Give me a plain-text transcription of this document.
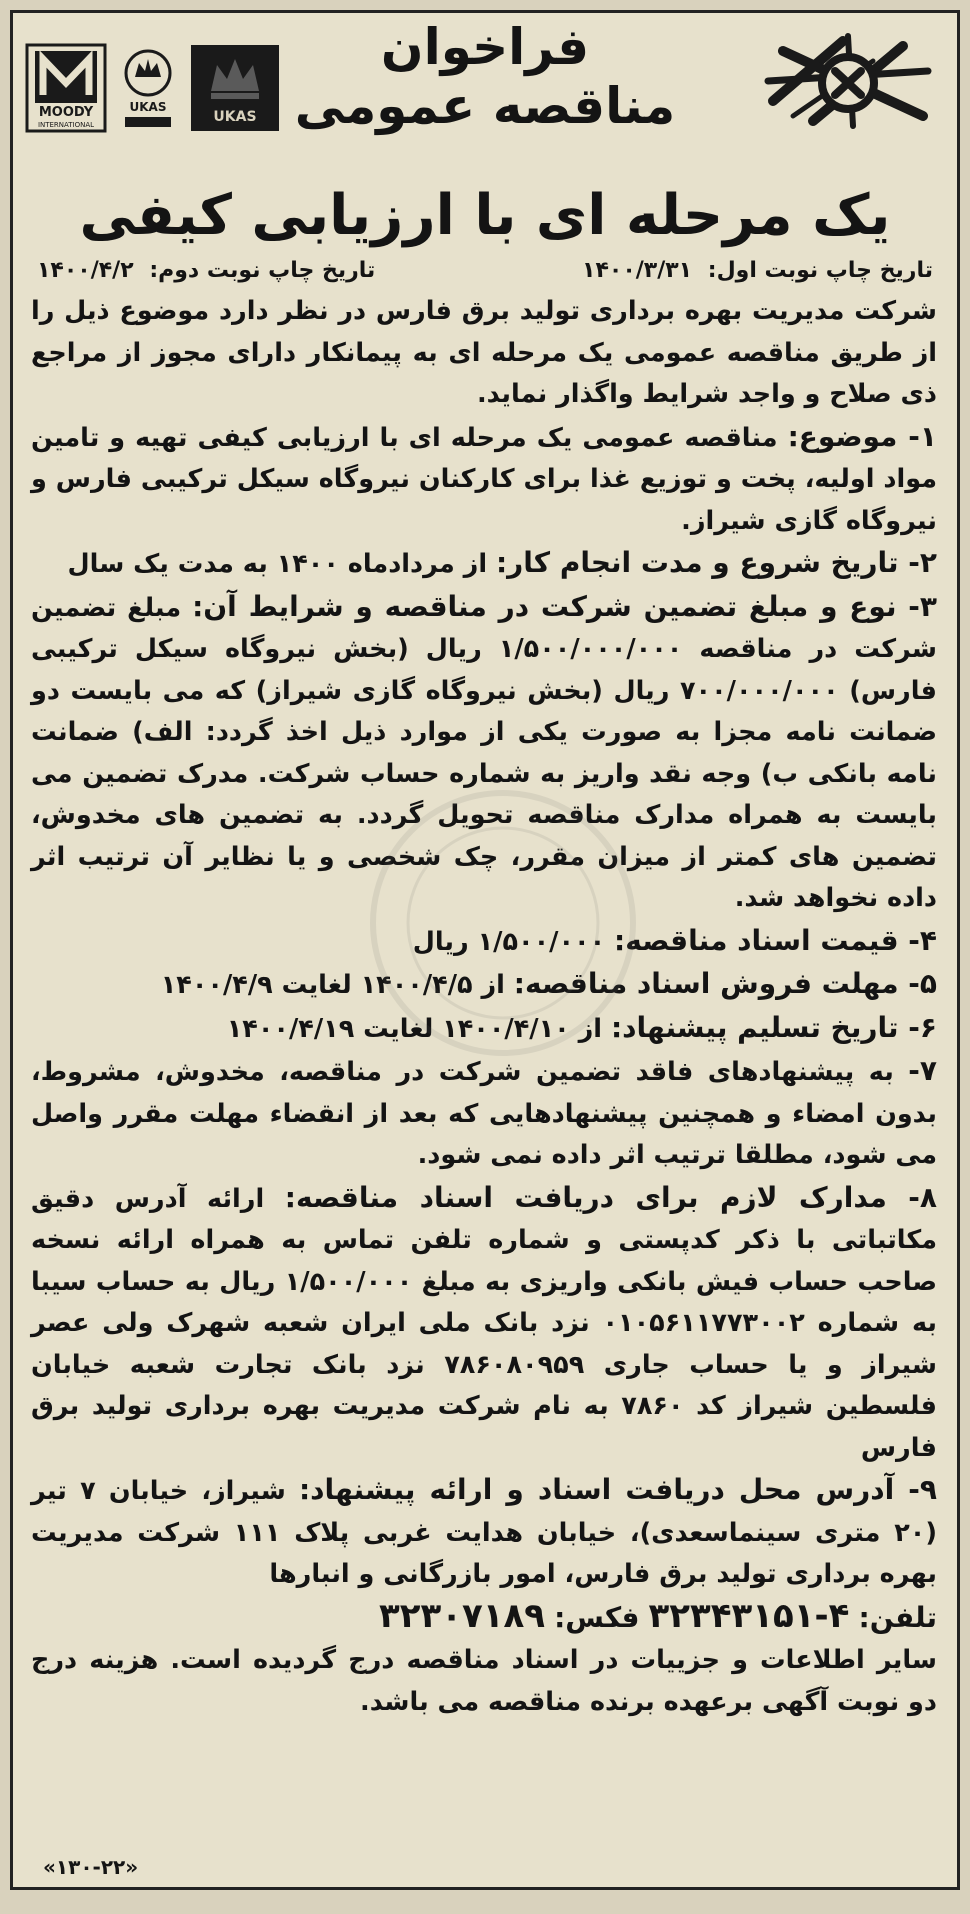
فراخوان

مناقصه عمومی

یک مرحله ای با ارزیابی کیفی

MOODY
INTERNATIONAL
UKAS
UKAS
تاریخ چاپ نوبت اول: ۱۴۰۰/۳/۳۱
تاریخ چاپ نوبت دوم: ۱۴۰۰/۴/۲

شرکت مدیریت بهره برداری تولید برق فارس در نظر دارد موضوع ذیل را از طریق مناقصه عمومی یک مرحله ای به پیمانکار دارای مجوز از مراجع ذی صلاح و واجد شرایط واگذار نماید.

۱- موضوع: مناقصه عمومی یک مرحله ای با ارزیابی کیفی تهیه و تامین مواد اولیه، پخت و توزیع غذا برای کارکنان نیروگاه سیکل ترکیبی فارس و نیروگاه گازی شیراز.

۲- تاریخ شروع و مدت انجام کار: از مردادماه ۱۴۰۰ به مدت یک سال

۳- نوع و مبلغ تضمین شرکت در مناقصه و شرایط آن: مبلغ تضمین شرکت در مناقصه ۱/۵۰۰/۰۰۰/۰۰۰ ریال (بخش نیروگاه سیکل ترکیبی فارس) ۷۰۰/۰۰۰/۰۰۰ ریال (بخش نیروگاه گازی شیراز) که می بایست دو ضمانت نامه مجزا به صورت یکی از موارد ذیل اخذ گردد: الف) ضمانت نامه بانکی ب) وجه نقد واریز به شماره حساب شرکت. مدرک تضمین می بایست به همراه مدارک مناقصه تحویل گردد. به تضمین های مخدوش، تضمین های کمتر از میزان مقرر، چک شخصی و یا نظایر آن ترتیب اثر داده نخواهد شد.

۴- قیمت اسناد مناقصه: ۱/۵۰۰/۰۰۰ ریال

۵- مهلت فروش اسناد مناقصه: از ۱۴۰۰/۴/۵ لغایت ۱۴۰۰/۴/۹

۶- تاریخ تسلیم پیشنهاد: از ۱۴۰۰/۴/۱۰ لغایت ۱۴۰۰/۴/۱۹

۷- به پیشنهادهای فاقد تضمین شرکت در مناقصه، مخدوش، مشروط، بدون امضاء و همچنین پیشنهادهایی که بعد از انقضاء مهلت مقرر واصل می شود، مطلقا ترتیب اثر داده نمی شود.

۸- مدارک لازم برای دریافت اسناد مناقصه: ارائه آدرس دقیق مکاتباتی با ذکر کدپستی و شماره تلفن تماس به همراه ارائه نسخه صاحب حساب فیش بانکی واریزی به مبلغ ۱/۵۰۰/۰۰۰ ریال به حساب سیبا به شماره ۰۱۰۵۶۱۱۷۷۳۰۰۲ نزد بانک ملی ایران شعبه شهرک ولی عصر شیراز و یا حساب جاری ۷۸۶۰۸۰۹۵۹ نزد بانک تجارت شعبه خیابان فلسطین شیراز کد ۷۸۶۰ به نام شرکت مدیریت بهره برداری تولید برق فارس

۹- آدرس محل دریافت اسناد و ارائه پیشنهاد: شیراز، خیابان ۷ تیر (۲۰ متری سینماسعدی)، خیابان هدایت غربی پلاک ۱۱۱ شرکت مدیریت بهره برداری تولید برق فارس، امور بازرگانی و انبارها

تلفن: ۴-۳۲۳۴۳۱۵۱ فکس: ۳۲۳۰۷۱۸۹

سایر اطلاعات و جزییات در اسناد مناقصه درج گردیده است. هزینه درج دو نوبت آگهی برعهده برنده مناقصه می باشد.

«۱۳۰-۲۲»
